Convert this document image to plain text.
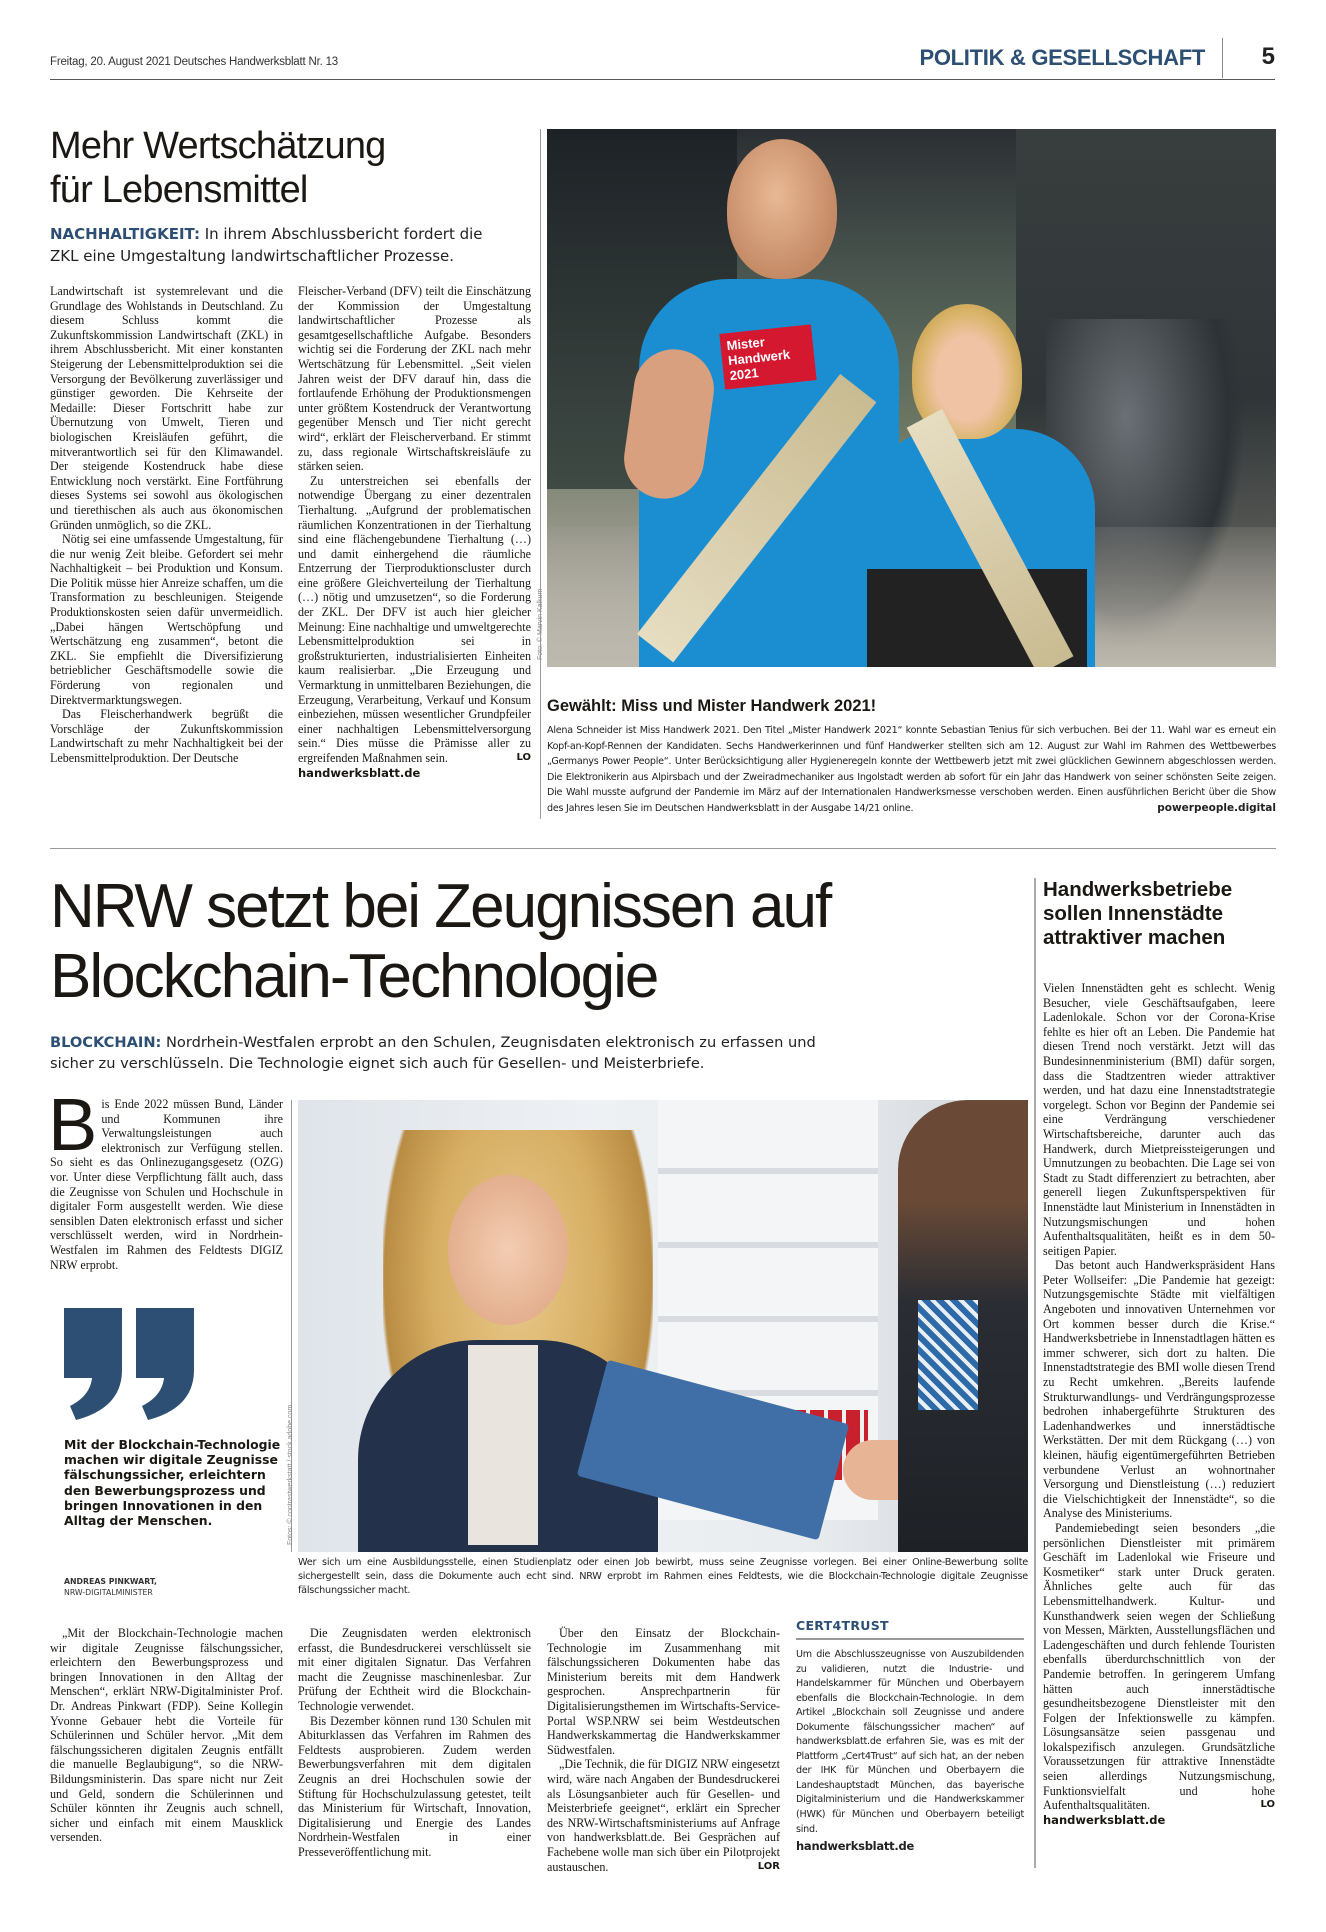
Freitag, 20. August 2021 Deutsches Handwerksblatt Nr. 13	POLITIK & GESELLSCHAFT 5
Mehr Wertschätzung
für Lebensmittel
NACHHALTIGKEIT: In ihrem Abschlussbericht fordert die ZKL eine Umgestaltung landwirtschaftlicher Prozesse.

Landwirtschaft ist systemrelevant und die Grundlage des Wohlstands in Deutschland. Zu diesem Schluss kommt die Zukunftskommission Landwirtschaft (ZKL) in ihrem Abschlussbericht. Mit einer konstanten Steigerung der Lebensmittelproduktion sei die Versorgung der Bevölkerung zuverlässiger und günstiger geworden. Die Kehrseite der Medaille: Dieser Fortschritt habe zur Übernutzung von Umwelt, Tieren und biologischen Kreisläufen geführt, die mitverantwortlich sei für den Klimawandel. Der steigende Kostendruck habe diese Entwicklung noch verstärkt. Eine Fortführung dieses Systems sei sowohl aus ökologischen und tierethischen als auch aus ökonomischen Gründen unmöglich, so die ZKL.

Nötig sei eine umfassende Umgestaltung, für die nur wenig Zeit bleibe. Gefordert sei mehr Nachhaltigkeit – bei Produktion und Konsum. Die Politik müsse hier Anreize schaffen, um die Transformation zu beschleunigen. Steigende Produktionskosten seien dafür unvermeidlich. „Dabei hängen Wertschöpfung und Wertschätzung eng zusammen“, betont die ZKL. Sie empfiehlt die Diversifizierung betrieblicher Geschäftsmodelle sowie die Förderung von regionalen und Direktvermarktungswegen.

Das Fleischerhandwerk begrüßt die Vorschläge der Zukunftskommission Landwirtschaft zu mehr Nachhaltigkeit bei der Lebensmittelproduktion. Der Deutsche

Fleischer-Verband (DFV) teilt die Einschätzung der Kommission der Umgestaltung landwirtschaftlicher Prozesse als gesamtgesellschaftliche Aufgabe. Besonders wichtig sei die Forderung der ZKL nach mehr Wertschätzung für Lebensmittel. „Seit vielen Jahren weist der DFV darauf hin, dass die fortlaufende Erhöhung der Produktionsmengen unter größtem Kostendruck der Verantwortung gegenüber Mensch und Tier nicht gerecht wird“, erklärt der Fleischerverband. Er stimmt zu, dass regionale Wirtschaftskreisläufe zu stärken seien.

Zu unterstreichen sei ebenfalls der notwendige Übergang zu einer dezentralen Tierhaltung. „Aufgrund der problematischen räumlichen Konzentrationen in der Tierhaltung sind eine flächengebundene Tierhaltung (…) und damit einhergehend die räumliche Entzerrung der Tierproduktionscluster durch eine größere Gleichverteilung der Tierhaltung (…) nötig und umzusetzen“, so die Forderung der ZKL. Der DFV ist auch hier gleicher Meinung: Eine nachhaltige und umweltgerechte Lebensmittelproduktion sei in großstrukturierten, industrialisierten Einheiten kaum realisierbar. „Die Erzeugung und Vermarktung in unmittelbaren Beziehungen, die Erzeugung, Verarbeitung, Verkauf und Konsum einbeziehen, müssen wesentlicher Grundpfeiler einer nachhaltigen Lebensmittelversorgung sein.“ Dies müsse die Prämisse aller zu ergreifenden Maßnahmen sein.	LO

handwerksblatt.de
Mister Handwerk 2021
Foto: © Marvin Kalkum
Gewählt: Miss und Mister Handwerk 2021!
Alena Schneider ist Miss Handwerk 2021. Den Titel „Mister Handwerk 2021“ konnte Sebastian Tenius für sich verbuchen. Bei der 11. Wahl war es erneut ein Kopf-an-Kopf-Rennen der Kandidaten. Sechs Handwerkerinnen und fünf Handwerker stellten sich am 12. August zur Wahl im Rahmen des Wettbewerbes „Germanys Power People“. Unter Berücksichtigung aller Hygieneregeln konnte der Wettbewerb jetzt mit zwei glücklichen Gewinnern abgeschlossen werden. Die Elektronikerin aus Alpirsbach und der Zweiradmechaniker aus Ingolstadt werden ab sofort für ein Jahr das Handwerk von seiner schönsten Seite zeigen. Die Wahl musste aufgrund der Pandemie im März auf der Internationalen Handwerksmesse verschoben werden. Einen ausführlichen Bericht über die Show des Jahres lesen Sie im Deutschen Handwerksblatt in der Ausgabe 14/21 online.	powerpeople.digital
NRW setzt bei Zeugnissen auf
Blockchain-Technologie
BLOCKCHAIN: Nordrhein-Westfalen erprobt an den Schulen, Zeugnisdaten elektronisch zu erfassen und sicher zu verschlüsseln. Die Technologie eignet sich auch für Gesellen- und Meisterbriefe.
B is Ende 2022 müssen Bund, Länder und Kommunen ihre Verwaltungsleistungen auch elektronisch zur Verfügung stellen. So sieht es das Onlinezugangsgesetz (OZG) vor. Unter diese Verpflichtung fällt auch, dass die Zeugnisse von Schulen und Hochschule in digitaler Form ausgestellt werden. Wie diese sensiblen Daten elektronisch erfasst und sicher verschlüsselt werden, wird in Nordrhein-Westfalen im Rahmen des Feldtests DIGIZ NRW erprobt.
Mit der Blockchain-Technologie machen wir digitale Zeugnisse fälschungssicher, erleichtern den Bewerbungsprozess und bringen Innovationen in den Alltag der Menschen.
ANDREAS PINKWART,
NRW-DIGITALMINISTER
Fotos: © contrastwerkstatt / stock.adobe.com
Wer sich um eine Ausbildungsstelle, einen Studienplatz oder einen Job bewirbt, muss seine Zeugnisse vorlegen. Bei einer Online-Bewerbung sollte sichergestellt sein, dass die Dokumente auch echt sind. NRW erprobt im Rahmen eines Feldtests, wie die Blockchain-Technologie digitale Zeugnisse fälschungssicher macht.

„Mit der Blockchain-Technologie machen wir digitale Zeugnisse fälschungssicher, erleichtern den Bewerbungsprozess und bringen Innovationen in den Alltag der Menschen“, erklärt NRW-Digitalminister Prof. Dr. Andreas Pinkwart (FDP). Seine Kollegin Yvonne Gebauer hebt die Vorteile für Schülerinnen und Schüler hervor. „Mit dem fälschungssicheren digitalen Zeugnis entfällt die manuelle Beglaubigung“, so die NRW-Bildungsministerin. Das spare nicht nur Zeit und Geld, sondern die Schülerinnen und Schüler könnten ihr Zeugnis auch schnell, sicher und einfach mit einem Mausklick versenden.

Die Zeugnisdaten werden elektronisch erfasst, die Bundesdruckerei verschlüsselt sie mit einer digitalen Signatur. Das Verfahren macht die Zeugnisse maschinenlesbar. Zur Prüfung der Echtheit wird die Blockchain-Technologie verwendet.

Bis Dezember können rund 130 Schulen mit Abiturklassen das Verfahren im Rahmen des Feldtests ausprobieren. Zudem werden Bewerbungsverfahren mit dem digitalen Zeugnis an drei Hochschulen sowie der Stiftung für Hochschulzulassung getestet, teilt das Ministerium für Wirtschaft, Innovation, Digitalisierung und Energie des Landes Nordrhein-Westfalen in einer Presseveröffentlichung mit.

Über den Einsatz der Blockchain-Technologie im Zusammenhang mit fälschungssicheren Dokumenten habe das Ministerium bereits mit dem Handwerk gesprochen. Ansprechpartnerin für Digitalisierungsthemen im Wirtschafts-Service-Portal WSP.NRW sei beim Westdeutschen Handwerkskammertag die Handwerkskammer Südwestfalen.

„Die Technik, die für DIGIZ NRW eingesetzt wird, wäre nach Angaben der Bundesdruckerei als Lösungsanbieter auch für Gesellen- und Meisterbriefe geeignet“, erklärt ein Sprecher des NRW-Wirtschaftsministeriums auf Anfrage von handwerksblatt.de. Bei Gesprächen auf Fachebene wolle man sich über ein Pilotprojekt austauschen.	LOR

CERT4TRUST
Um die Abschlusszeugnisse von Auszubildenden zu validieren, nutzt die Industrie- und Handelskammer für München und Oberbayern ebenfalls die Blockchain-Technologie. In dem Artikel „Blockchain soll Zeugnisse und andere Dokumente fälschungssicher machen“ auf handwerksblatt.de erfahren Sie, was es mit der Plattform „Cert4Trust“ auf sich hat, an der neben der IHK für München und Oberbayern die Landeshauptstadt München, das bayerische Digitalministerium und die Handwerkskammer (HWK) für München und Oberbayern beteiligt sind.
handwerksblatt.de
Handwerksbetriebe sollen Innenstädte attraktiver machen

Vielen Innenstädten geht es schlecht. Wenig Besucher, viele Geschäftsaufgaben, leere Ladenlokale. Schon vor der Corona-Krise fehlte es hier oft an Leben. Die Pandemie hat diesen Trend noch verstärkt. Jetzt will das Bundesinnenministerium (BMI) dafür sorgen, dass die Stadtzentren wieder attraktiver werden, und hat dazu eine Innenstadtstrategie vorgelegt. Schon vor Beginn der Pandemie sei eine Verdrängung verschiedener Wirtschaftsbereiche, darunter auch das Handwerk, durch Mietpreissteigerungen und Umnutzungen zu beobachten. Die Lage sei von Stadt zu Stadt differenziert zu betrachten, aber generell liegen Zukunftsperspektiven für Innenstädte laut Ministerium in Innenstädten in Nutzungsmischungen und hohen Aufenthaltsqualitäten, heißt es in dem 50-seitigen Papier.

Das betont auch Handwerkspräsident Hans Peter Wollseifer: „Die Pandemie hat gezeigt: Nutzungsgemischte Städte mit vielfältigen Angeboten und innovativen Unternehmen vor Ort kommen besser durch die Krise.“ Handwerksbetriebe in Innenstadtlagen hätten es immer schwerer, sich dort zu halten. Die Innenstadtstrategie des BMI wolle diesen Trend zu Recht umkehren. „Bereits laufende Strukturwandlungs- und Verdrängungsprozesse bedrohen inhabergeführte Strukturen des Ladenhandwerkes und innerstädtische Werkstätten. Der mit dem Rückgang (…) von kleinen, häufig eigentümergeführten Betrieben verbundene Verlust an wohnortnaher Versorgung und Dienstleistung (…) reduziert die Vielschichtigkeit der Innenstädte“, so die Analyse des Ministeriums.

Pandemiebedingt seien besonders „die persönlichen Dienstleister mit primärem Geschäft im Ladenlokal wie Friseure und Kosmetiker“ stark unter Druck geraten. Ähnliches gelte auch für das Lebensmittelhandwerk. Kultur- und Kunsthandwerk seien wegen der Schließung von Messen, Märkten, Ausstellungsflächen und Ladengeschäften und durch fehlende Touristen ebenfalls überdurchschnittlich von der Pandemie betroffen. In geringerem Umfang hätten auch innerstädtische gesundheitsbezogene Dienstleister mit den Folgen der Infektionswelle zu kämpfen. Lösungsansätze seien passgenau und lokalspezifisch anzulegen. Grundsätzliche Voraussetzungen für attraktive Innenstädte seien allerdings Nutzungsmischung, Funktionsvielfalt und hohe Aufenthaltsqualitäten.	LO

handwerksblatt.de
